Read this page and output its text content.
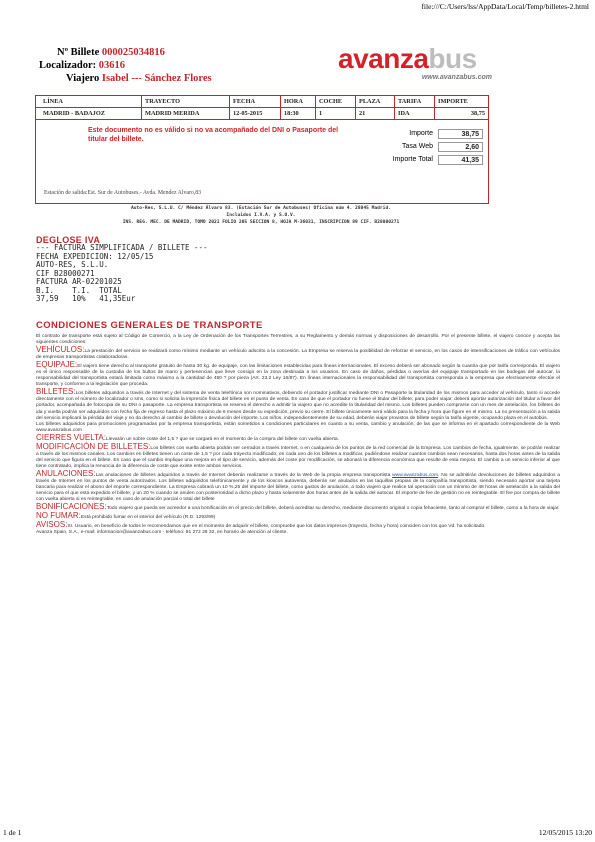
file:///C:/Users/lss/AppData/Local/Temp/billetes-2.html
Nº Billete 000025034816
Localizador: 03616
Viajero Isabel --- Sánchez Flores
avanzabus
www.avanzabus.com
LÍNEA	TRAYECTO	FECHA	HORA	COCHE	PLAZA	TARIFA	IMPORTE
MADRID - BADAJOZ	MADRID MERIDA	12-05-2015	18:30	1	21	IDA	38,75
Este documento no es válido si no va acompañado del DNI o Pasaporte del titular del billete.
Importe	38,75
Tasa Web	2,60
Importe Total	41,35
Estación de salida:Est. Sur de Autobuses.- Avda. Mendez Alvaro,83
Auto-Res, S.L.U. C/ Méndez Álvaro 83. (Estación Sur de Autobuses) Oficina núm 4. 28045 Madrid.
Incluidos I.V.A. y S.O.V.
INS. REG. MEC. DE MADRID, TOMO 2021 FOLIO 205 SECCION 8, HOJA M-36031, INSCRIPCION 89 CIF. B28000271
DEGLOSE IVA
--- FACTURA SIMPLIFICADA / BILLETE ---
FECHA EXPEDICION: 12/05/15
AUTO-RES, S.L.U.
CIF B28000271
FACTURA AR-02201025
B.I.    T.I.  TOTAL
37,59   10%   41,35Eur
CONDICIONES GENERALES DE TRANSPORTE

El contrato de transporte está sujeto al Código de Comercio, a la Ley de Ordenación de los Transportes Terrestres, a su Reglamento y demás normas y disposiciones de desarrollo. Por el presente billete, el viajero conoce y acepta las siguientes condiciones:

VEHÍCULOS:La prestación del servicio se realizará como mínimo mediante un vehículo adscrito a la concesión. La Empresa se reserva la posibilidad de reforzar el servicio, en los casos de intensificaciones de tráfico con vehículos de empresas transportistas colaboradoras.

EQUIPAJE:El viajero tiene derecho al transporte gratuito de hasta 30 kg. de equipaje, con las limitaciones establecidas para líneas internacionales. El exceso deberá ser abonado según la cuantía que por tarifa corresponda. El viajero es el único responsable de la custodia de los bultos de mano y pertenencias que lleve consigo en la zona destinada a los usuarios. En caso de daños, pérdidas o averías del equipaje transportado en las bodegas del autocar, la responsabilidad del transportista estará limitada como máximo a la cantidad de 450 ? por pieza (Art. 23.2 Ley 16/87). En líneas internacionales la responsabilidad del transportista corresponda a la empresa que efectivamente efectúe el transporte, y conforme a la legislación que proceda.

BILLETES:Los billetes adquiridos a través de Internet y del sistema de venta telefónica son nominativos, debiendo el portador justificar mediante DNI o Pasaporte la titularidad de los mismos para acceder al vehículo, tanto si accede directamente con el número de localizador o sms, como si solicita la impresión física del billete en el punto de venta. En caso de que el portador no fuese el titular del billete, para poder viajar, deberá aportar autorización del titular a favor del portador, acompañada de fotocopia de su DNI o pasaporte. La empresa transportista se reserva el derecho a admitir la viajero que no acredite la titularidad del mismo. Los billetes pueden comprarse con un mes de antelación, los billetes de ida y vuelta podrán ser adquiridos con fecha fija de regreso hasta el plazo máximo de 6 meses desde su expedición, previo su cierre. El billete únicamente será válido para la fecha y hora que figure en el mismo. La no presentación a la salida del servicio implicará la pérdida del viaje y no da derecho al cambio de billete o devolución del importe. Los niños, independientemente de su edad, deberán viajar provistos de billete según la tarifa vigente, ocupando plaza en el autobús.

Los billetes adquiridos para promociones programadas por la empresa transportista, están sometidos a condiciones particulares en cuanto a su venta, cambio y anulación, de las que se informa en el apartado correspondiente de la Web www.avanzabus.com

CIERRES VUELTA:Llevarán un sobre coste del 1,5 ? que se cargará en el momento de la compra del billete con vuelta abierta.

MODIFICACIÓN DE BILLETES:Los billetes con vuelta abierta podrán ser cerrados a través Internet, o en cualquiera de los puntos de la red comercial de la Empresa. Los cambios de fecha, igualmente, se podrán realizar a través de los mismos canales. Los cambios en billetes tienen un coste de 1,5 ? por cada trayecto modificado, en cada uno de los billetes a modificar, pudiéndose realizar cuantos cambios sean necesarios, hasta dos horas antes de la salida del servicio que figura en el billete. En caso que el cambio implique una mejora en el tipo de servicio, además del coste por modificación, se abonará la diferencia económica que resulte de esta mejora. El cambio a un servicio inferior al que tiene contratado, implica la renuncia de la diferencia de coste que existe entre ambos servicios.

ANULACIONES:Las anulaciones de billetes adquiridos a través de Internet deberán realizarse a través de la Web de la propia empresa transportista www.avanzabus.com. No se admitirán devoluciones de billetes adquiridos a través de Internet en los puntos de venta autorizados. Los billetes adquiridos telefónicamente y de los kioscos autoventa, deberán ser anulados en las taquillas propias de la compañía transportista, siendo necesario aportar una tarjeta bancaria para realizar el abono del importe correspondiente. La Empresa cobrará un 10 %,25 del importe del billete, como gastos de anulación, a todo viajero que realice tal operación con un mínimo de 48 horas de antelación a la salida del servicio para el que está expedido el billete, y un 20 % cuando se anulen con posterioridad a dicho plazo y hasta solamente dos horas antes de la salida del autocar. El importe de fee de gestión no es reintegrable. El fee por compra de billete con vuelta abierta si es reintegrable, en caso de anulación parcial o total del billete

BONIFICACIONES:Todo viajero que pueda ser acreedor a una bonificación en el precio del billete, deberá acreditar su derecho, mediante documento original o copia fehaciente, tanto al comprar el billete, como a la hora de viajar.

NO FUMAR:Está prohibido fumar en el interior del vehículo (R.D. 1293/99)

AVISOS:Sr. Usuario, en beneficio de todos le recomendamos que en el momento de adquirir el billete, compruebe que los datos impresos (trayecto, fecha y hora) coinciden con los que Vd. ha solicitado.

Avanza Spain, S.A., e-mail: informacion@avanzabus.com - teléfono: 91 272 28 32, en horario de atención al cliente.

1 de 1	12/05/2015 13:20
